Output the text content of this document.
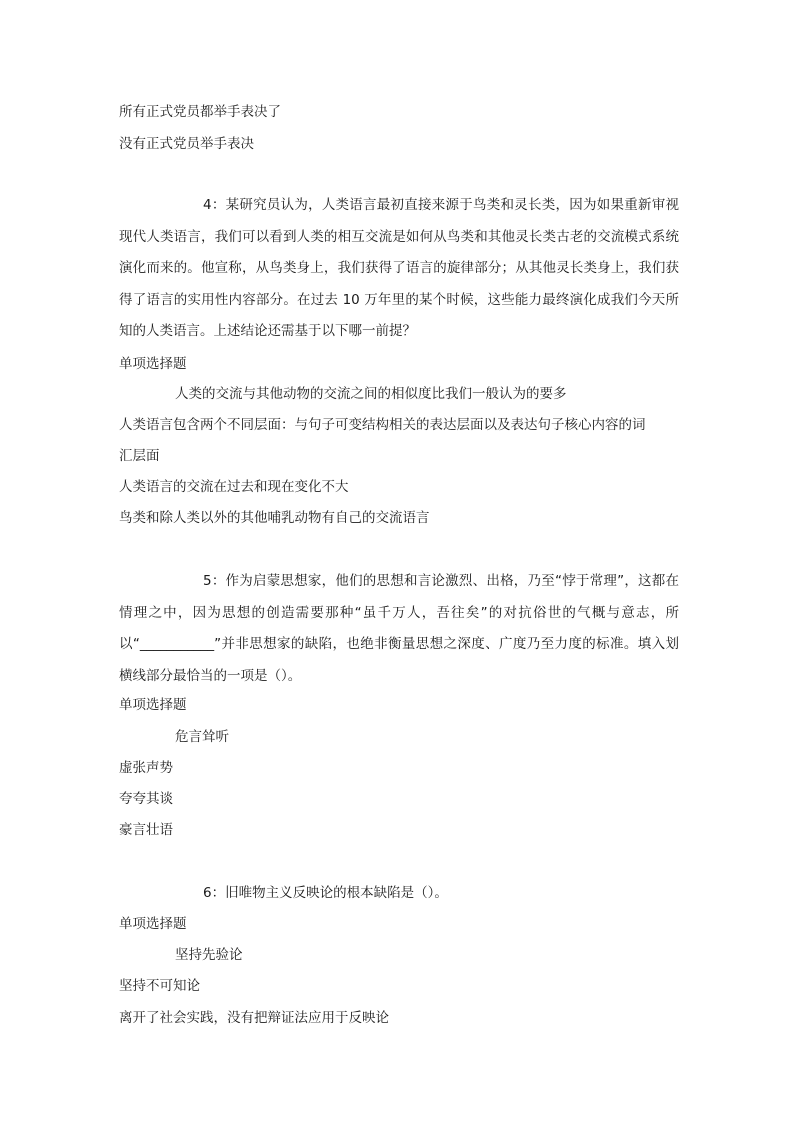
所有正式党员都举手表决了

没有正式党员举手表决

4：某研究员认为，人类语言最初直接来源于鸟类和灵长类，因为如果重新审视现代人类语言，我们可以看到人类的相互交流是如何从鸟类和其他灵长类古老的交流模式系统演化而来的。他宣称，从鸟类身上，我们获得了语言的旋律部分；从其他灵长类身上，我们获得了语言的实用性内容部分。在过去 10 万年里的某个时候，这些能力最终演化成我们今天所知的人类语言。上述结论还需基于以下哪一前提？

单项选择题

人类的交流与其他动物的交流之间的相似度比我们一般认为的要多

人类语言包含两个不同层面：与句子可变结构相关的表达层面以及表达句子核心内容的词

汇层面

人类语言的交流在过去和现在变化不大

鸟类和除人类以外的其他哺乳动物有自己的交流语言

5：作为启蒙思想家，他们的思想和言论激烈、出格，乃至“悖于常理”，这都在情理之中，因为思想的创造需要那种“虽千万人，吾往矣”的对抗俗世的气概与意志，所以“___________”并非思想家的缺陷，也绝非衡量思想之深度、广度乃至力度的标准。填入划横线部分最恰当的一项是（）。

单项选择题

危言耸听

虚张声势

夸夸其谈

豪言壮语

6：旧唯物主义反映论的根本缺陷是（）。

单项选择题

坚持先验论

坚持不可知论

离开了社会实践，没有把辩证法应用于反映论
